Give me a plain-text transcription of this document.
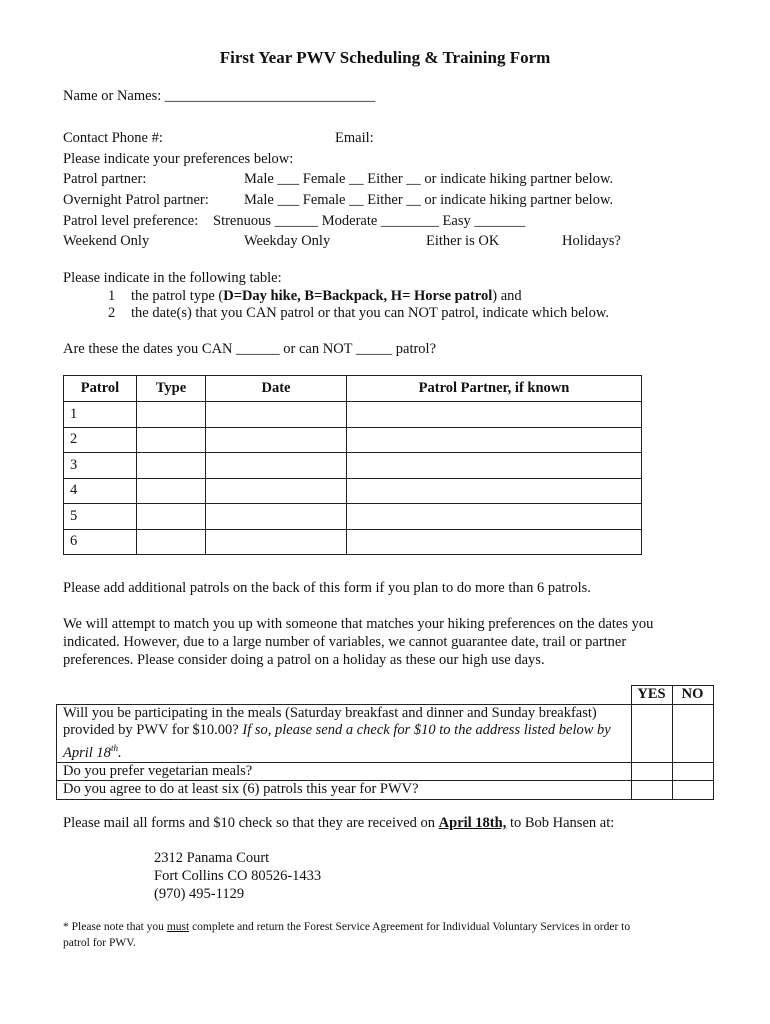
First Year PWV Scheduling & Training Form
Name or Names: _____________________________
Contact Phone #:	Email:
Please indicate your preferences below:
Patrol partner:	Male ___ Female __ Either __ or indicate hiking partner below.
Overnight Patrol partner: Male ___ Female __ Either __ or indicate hiking partner below.
Patrol level preference: Strenuous ______ Moderate ________ Easy _______
Weekend Only	Weekday Only	Either is OK	Holidays?
Please indicate in the following table:
1 the patrol type (D=Day hike, B=Backpack, H= Horse patrol) and
2 the date(s) that you CAN patrol or that you can NOT patrol, indicate which below.
Are these the dates you CAN ______ or can NOT _____ patrol?
Patrol	Type	Date	Patrol Partner, if known
1			
2			
3			
4			
5			
6			
Please add additional patrols on the back of this form if you plan to do more than 6 patrols.
We will attempt to match you up with someone that matches your hiking preferences on the dates you indicated. However, due to a large number of variables, we cannot guarantee date, trail or partner preferences. Please consider doing a patrol on a holiday as these our high use days.
	YES	NO
Will you be participating in the meals (Saturday breakfast and dinner and Sunday breakfast) provided by PWV for $10.00? If so, please send a check for $10 to the address listed below by April 18th.		
Do you prefer vegetarian meals?		
Do you agree to do at least six (6) patrols this year for PWV?		
Please mail all forms and $10 check so that they are received on April 18th, to Bob Hansen at:
2312 Panama Court
Fort Collins CO 80526-1433
(970) 495-1129
* Please note that you must complete and return the Forest Service Agreement for Individual Voluntary Services in order to
patrol for PWV.
